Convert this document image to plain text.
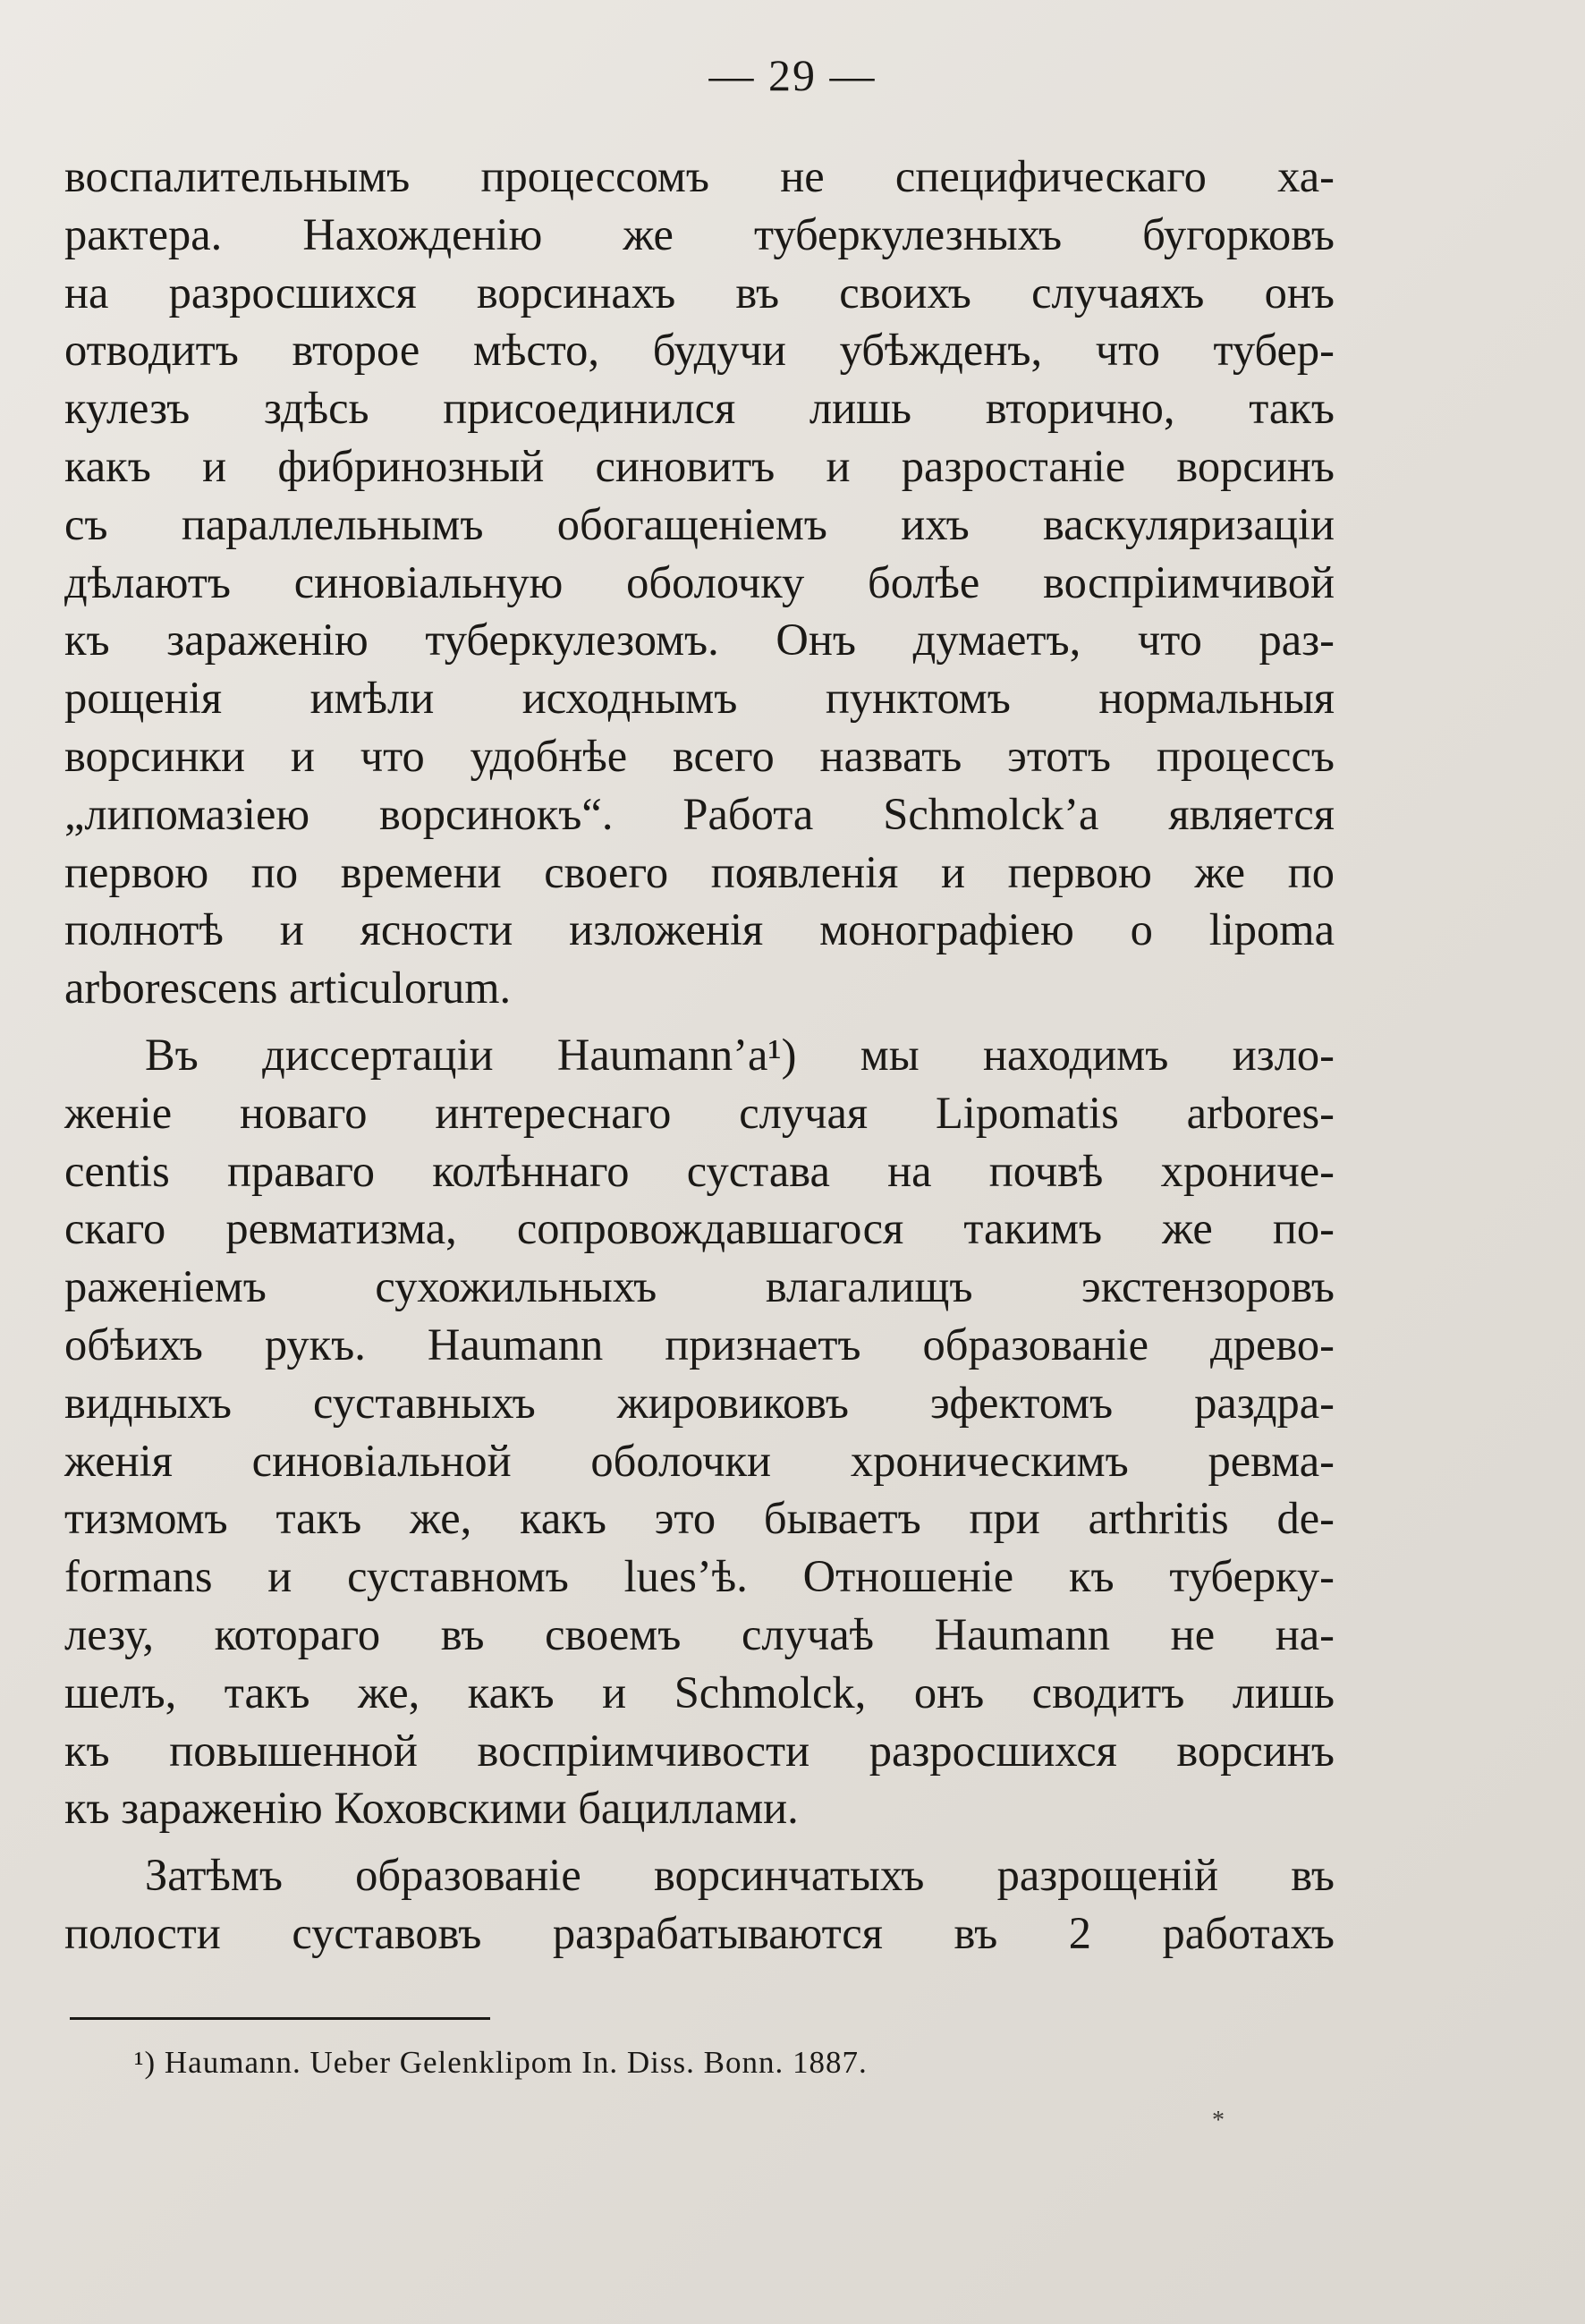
— 29 —
воспалительнымъ процессомъ не специфическаго ха-
рактера. Нахожденію же туберкулезныхъ бугорковъ
на разросшихся ворсинахъ въ своихъ случаяхъ онъ
отводитъ второе мѣсто, будучи убѣжденъ, что тубер-
кулезъ здѣсь присоединился лишь вторично, такъ
какъ и фибринозный синовитъ и разростаніе ворсинъ
съ параллельнымъ обогащеніемъ ихъ васкуляризаціи
дѣлаютъ синовіальную оболочку болѣе воспріимчивой
къ зараженію туберкулезомъ. Онъ думаетъ, что раз-
рощенія имѣли исходнымъ пунктомъ нормальныя
ворсинки и что удобнѣе всего назвать этотъ процессъ
„липомазіею ворсинокъ“. Работа Schmolck’а является
первою по времени своего появленія и первою же по
полнотѣ и ясности изложенія монографіею о lipoma
arborescens articulorum.
Въ диссертаціи Haumann’а¹) мы находимъ изло-
женіе новаго интереснаго случая Lipomatis arbores-
centis праваго колѣннаго сустава на почвѣ хрониче-
скаго ревматизма, сопровождавшагося такимъ же по-
раженіемъ сухожильныхъ влагалищъ экстензоровъ
обѣихъ рукъ. Haumann признаетъ образованіе древо-
видныхъ суставныхъ жировиковъ эфектомъ раздра-
женія синовіальной оболочки хроническимъ ревма-
тизмомъ такъ же, какъ это бываетъ при arthritis de-
formans и суставномъ lues’ѣ. Отношеніе къ туберку-
лезу, котораго въ своемъ случаѣ Haumann не на-
шелъ, такъ же, какъ и Schmolck, онъ сводитъ лишь
къ повышенной воспріимчивости разросшихся ворсинъ
къ зараженію Коховскими бациллами.
Затѣмъ образованіе ворсинчатыхъ разрощеній въ
полости суставовъ разрабатываются въ 2 работахъ
¹) Haumann. Ueber Gelenklipom In. Diss. Bonn. 1887.
*
